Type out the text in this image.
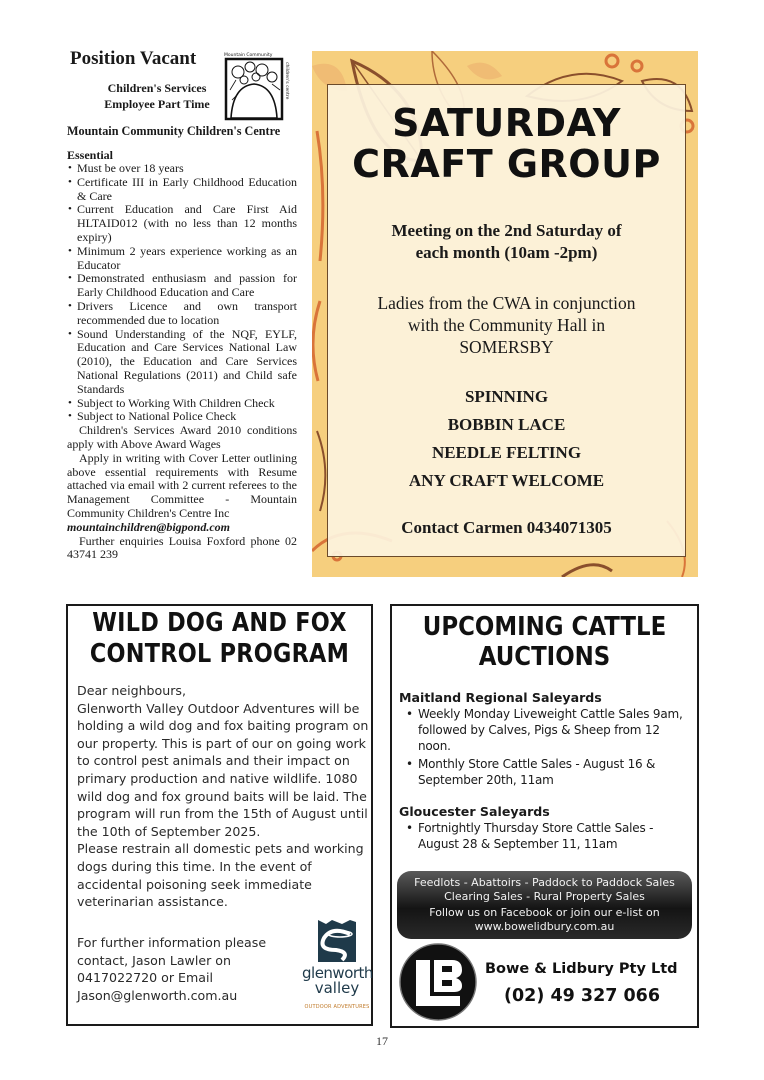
Position Vacant
Children's Services
Employee Part Time
Mountain Community
children's centre
Mountain Community Children's Centre
Essential
• Must be over 18 years
• Certificate III in Early Childhood Education & Care
• Current Education and Care First Aid HLTAID012 (with no less than 12 months expiry)
• Minimum 2 years experience working as an Educator
• Demonstrated enthusiasm and passion for Early Childhood Education and Care
• Drivers Licence and own transport recommended due to location
• Sound Understanding of the NQF, EYLF, Education and Care Services National Law (2010), the Education and Care Services National Regulations (2011) and Child safe Standards
• Subject to Working With Children Check
• Subject to National Police Check

Children's Services Award 2010 conditions apply with Above Award Wages

Apply in writing with Cover Letter outlining above essential requirements with Resume attached via email with 2 current referees to the Management Committee - Mountain Community Children's Centre Inc

mountainchildren@bigpond.com

Further enquiries Louisa Foxford phone 02 43741 239

SATURDAY
CRAFT GROUP
Meeting on the 2nd Saturday of
each month (10am -2pm)
Ladies from the CWA in conjunction
with the Community Hall in
SOMERSBY
SPINNING
BOBBIN LACE
NEEDLE FELTING
ANY CRAFT WELCOME
Contact Carmen 0434071305
WILD DOG AND FOX
CONTROL PROGRAM

Dear neighbours,

Glenworth Valley Outdoor Adventures will be holding a wild dog and fox baiting program on our property. This is part of our on going work to control pest animals and their impact on primary production and native wildlife. 1080 wild dog and fox ground baits will be laid. The program will run from the 15th of August until the 10th of September 2025.

Please restrain all domestic pets and working dogs during this time. In the event of accidental poisoning seek immediate veterinarian assistance.

For further information please
contact, Jason Lawler on
0417022720 or Email
Jason@glenworth.com.au
glenworth
valley
OUTDOOR ADVENTURES
UPCOMING CATTLE
AUCTIONS
Maitland Regional Saleyards
• Weekly Monday Liveweight Cattle Sales 9am, followed by Calves, Pigs & Sheep from 12 noon.
• Monthly Store Cattle Sales - August 16 & September 20th, 11am
Gloucester Saleyards
• Fortnightly Thursday Store Cattle Sales - August 28 & September 11, 11am
Feedlots - Abattoirs - Paddock to Paddock Sales
Clearing Sales - Rural Property Sales
Follow us on Facebook or join our e-list on
www.bowelidbury.com.au
LB
Bowe & Lidbury Pty Ltd
(02) 49 327 066
17
